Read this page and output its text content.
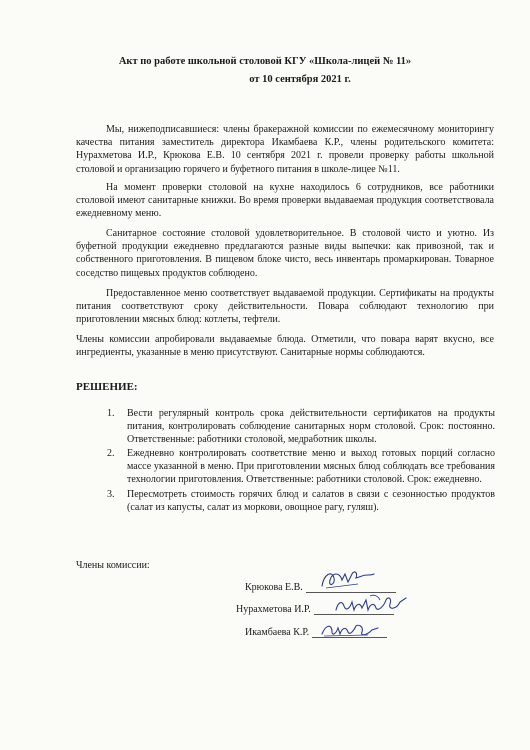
Акт по работе школьной столовой КГУ «Школа-лицей № 11»
от 10 сентября 2021 г.
Мы, нижеподписавшиеся: члены бракеражной комиссии по ежемесячному мониторингу качества питания заместитель директора Икамбаева К.Р., члены родительского комитета: Нурахметова И.Р., Крюкова Е.В. 10 сентября 2021 г. провели проверку работы школьной столовой и организацию горячего и буфетного питания в школе-лицее №11.
На момент проверки столовой на кухне находилось 6 сотрудников, все работники столовой имеют санитарные книжки. Во время проверки выдаваемая продукция соответствовала ежедневному меню.
Санитарное состояние столовой удовлетворительное. В столовой чисто и уютно. Из буфетной продукции ежедневно предлагаются разные виды выпечки: как привозной, так и собственного приготовления. В пищевом блоке чисто, весь инвентарь промаркирован. Товарное соседство пищевых продуктов соблюдено.
Предоставленное меню соответствует выдаваемой продукции. Сертификаты на продукты питания соответствуют сроку действительности. Повара соблюдают технологию при приготовлении мясных блюд: котлеты, тефтели.
Члены комиссии апробировали выдаваемые блюда. Отметили, что повара варят вкусно, все ингредиенты, указанные в меню присутствуют. Санитарные нормы соблюдаются.
РЕШЕНИЕ:
1. Вести регулярный контроль срока действительности сертификатов на продукты питания, контролировать соблюдение санитарных норм столовой. Срок: постоянно. Ответственные: работники столовой, медработник школы.
2. Ежедневно контролировать соответствие меню и выход готовых порций согласно массе указанной в меню. При приготовлении мясных блюд соблюдать все требования технологии приготовления. Ответственные: работники столовой. Срок: ежедневно.
3. Пересмотреть стоимость горячих блюд и салатов в связи с сезонностью продуктов (салат из капусты, салат из моркови, овощное рагу, гуляш).
Члены комиссии:
Крюкова Е.В.
Нурахметова И.Р.
Икамбаева К.Р.
